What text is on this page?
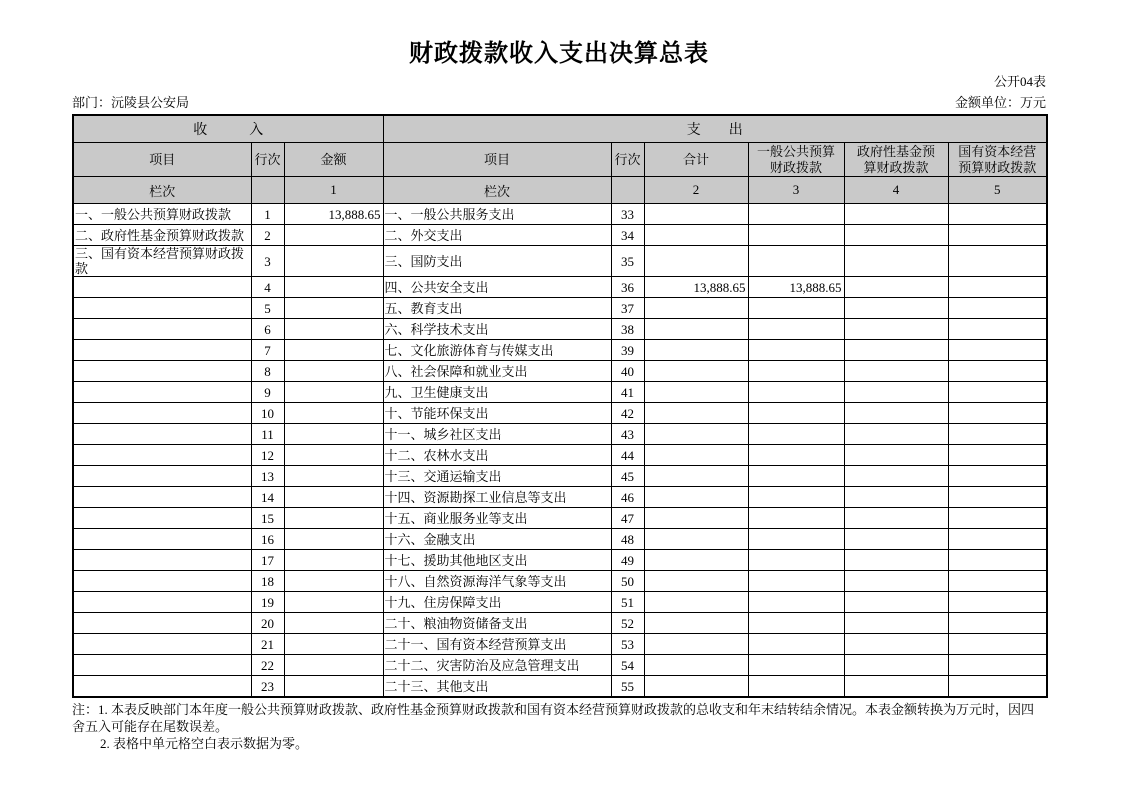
财政拨款收入支出决算总表
公开04表
部门：沅陵县公安局	金额单位：万元
收　　　入			支　　出					
项目	行次	金额	项目	行次	合计	一般公共预算财政拨款	政府性基金预算财政拨款	国有资本经营预算财政拨款
栏次		1	栏次		2	3	4	5
一、一般公共预算财政拨款	1	13,888.65	一、一般公共服务支出	33				
二、政府性基金预算财政拨款	2		二、外交支出	34				
三、国有资本经营预算财政拨款	3		三、国防支出	35				
	4		四、公共安全支出	36	13,888.65	13,888.65		
	5		五、教育支出	37				
	6		六、科学技术支出	38				
	7		七、文化旅游体育与传媒支出	39				
	8		八、社会保障和就业支出	40				
	9		九、卫生健康支出	41				
	10		十、节能环保支出	42				
	11		十一、城乡社区支出	43				
	12		十二、农林水支出	44				
	13		十三、交通运输支出	45				
	14		十四、资源勘探工业信息等支出	46				
	15		十五、商业服务业等支出	47				
	16		十六、金融支出	48				
	17		十七、援助其他地区支出	49				
	18		十八、自然资源海洋气象等支出	50				
	19		十九、住房保障支出	51				
	20		二十、粮油物资储备支出	52				
	21		二十一、国有资本经营预算支出	53				
	22		二十二、灾害防治及应急管理支出	54				
	23		二十三、其他支出	55				
注：1. 本表反映部门本年度一般公共预算财政拨款、政府性基金预算财政拨款和国有资本经营预算财政拨款的总收支和年末结转结余情况。本表金额转换为万元时，因四舍五入可能存在尾数误差。
2. 表格中单元格空白表示数据为零。
